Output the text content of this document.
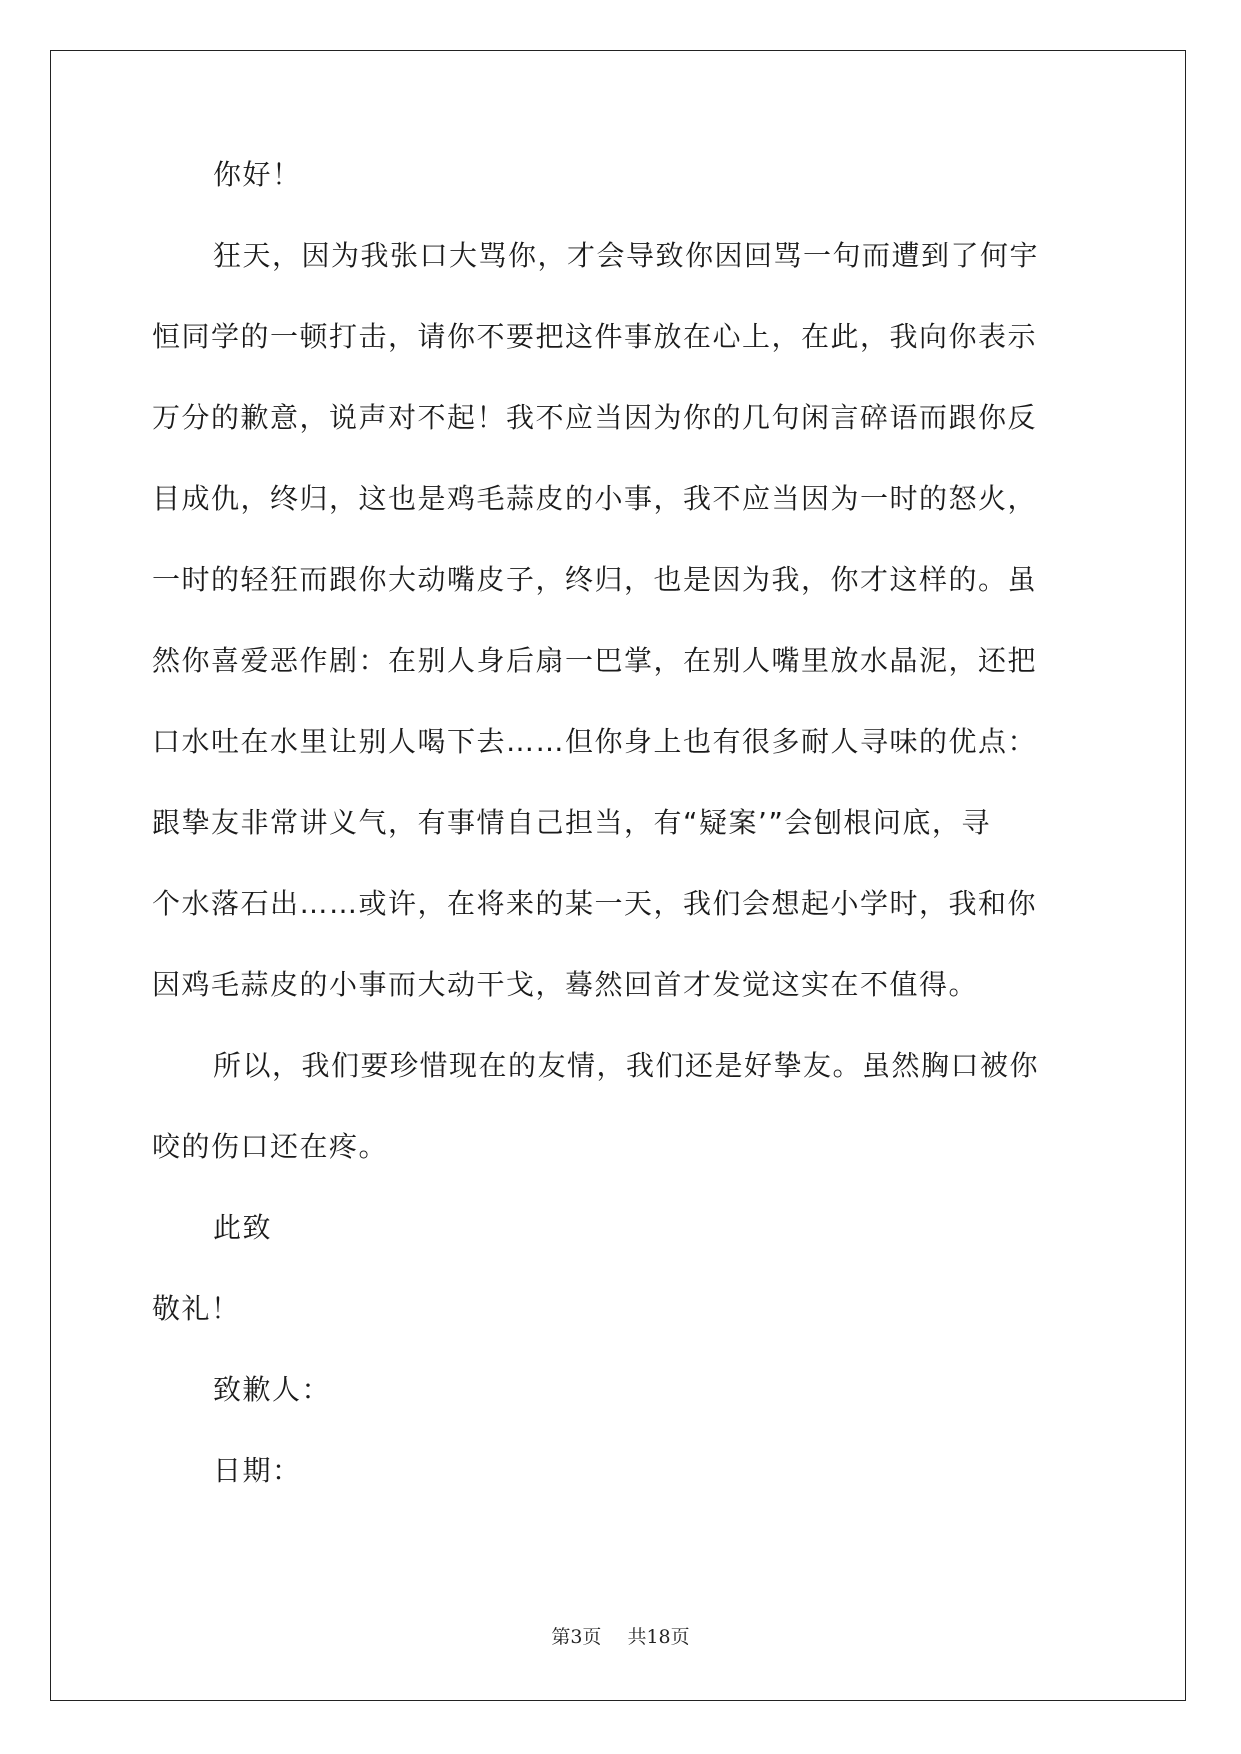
你好！

狂天，因为我张口大骂你，才会导致你因回骂一句而遭到了何宇

恒同学的一顿打击，请你不要把这件事放在心上，在此，我向你表示

万分的歉意，说声对不起！我不应当因为你的几句闲言碎语而跟你反

目成仇，终归，这也是鸡毛蒜皮的小事，我不应当因为一时的怒火，

一时的轻狂而跟你大动嘴皮子，终归，也是因为我，你才这样的。虽

然你喜爱恶作剧：在别人身后扇一巴掌，在别人嘴里放水晶泥，还把

口水吐在水里让别人喝下去……但你身上也有很多耐人寻味的优点：

跟挚友非常讲义气，有事情自己担当，有“疑案’”会刨根问底，寻

个水落石出……或许，在将来的某一天，我们会想起小学时，我和你

因鸡毛蒜皮的小事而大动干戈，蓦然回首才发觉这实在不值得。

所以，我们要珍惜现在的友情，我们还是好挚友。虽然胸口被你

咬的伤口还在疼。

此致

敬礼！

致歉人：

日期：

第3页 共18页
